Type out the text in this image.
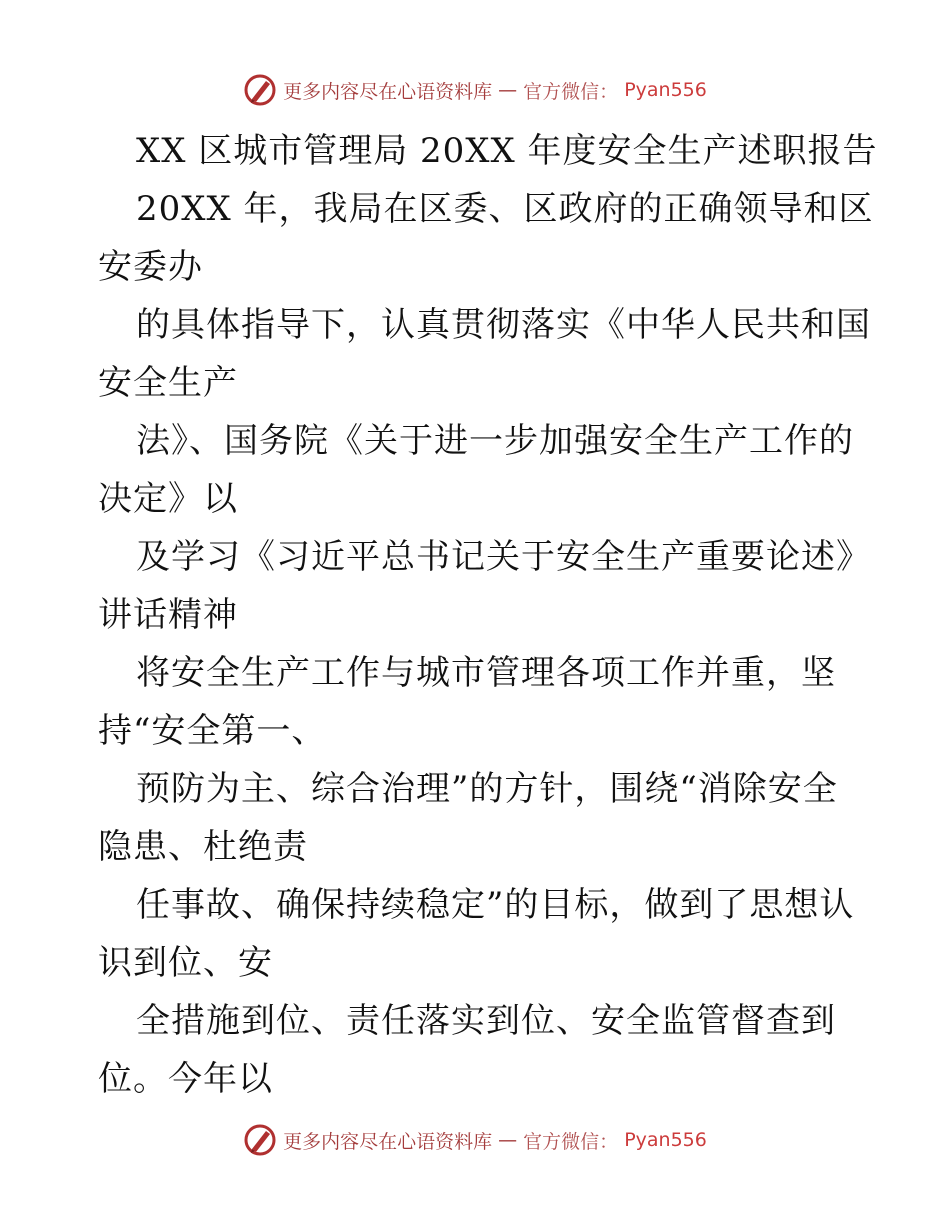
更多内容尽在心语资料库 — 官方微信： Pyan556
XX 区城市管理局 20XX 年度安全生产述职报告
20XX 年，我局在区委、区政府的正确领导和区
安委办
的具体指导下，认真贯彻落实《中华人民共和国
安全生产
法》、国务院《关于进一步加强安全生产工作的
决定》以
及学习《习近平总书记关于安全生产重要论述》
讲话精神
将安全生产工作与城市管理各项工作并重，坚
持“安全第一、
预防为主、综合治理”的方针，围绕“消除安全
隐患、杜绝责
任事故、确保持续稳定”的目标，做到了思想认
识到位、安
全措施到位、责任落实到位、安全监管督查到
位。今年以
更多内容尽在心语资料库 — 官方微信： Pyan556
